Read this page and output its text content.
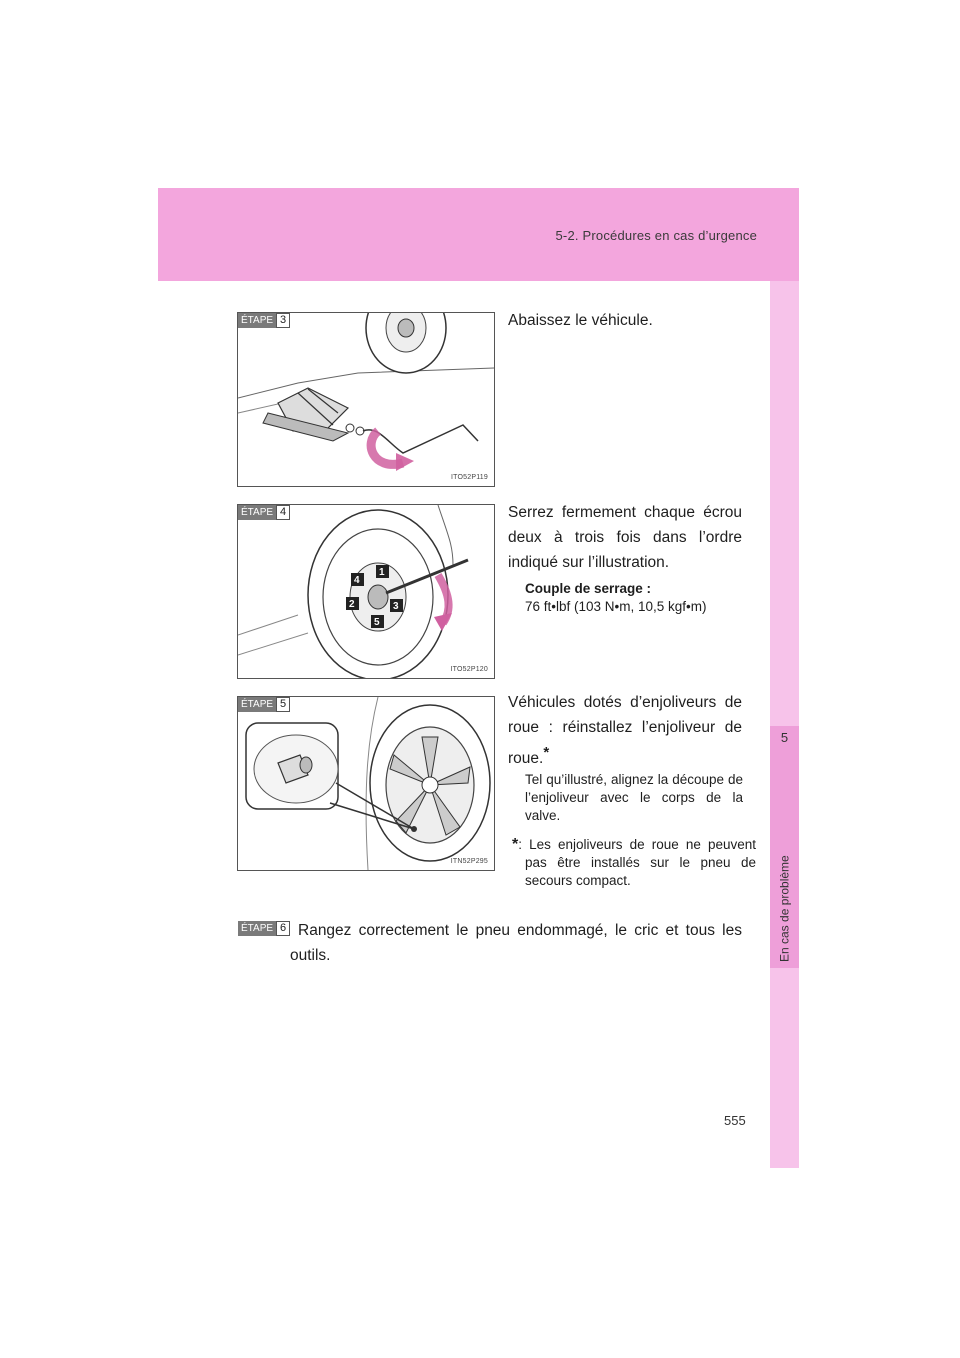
5-2. Procédures en cas d’urgence
5
En cas de problème
ÉTAPE 3
ITO52P119
Abaissez le véhicule.
1
2	3
4
5
ÉTAPE 4
ITO52P120
Serrez fermement chaque écrou deux à trois fois dans l’ordre indiqué sur l’illustration.
Couple de serrage :
76 ft•lbf (103 N•m, 10,5 kgf•m)
ÉTAPE 5
ITN52P295
Véhicules dotés d’enjoliveurs de roue : réinstallez l’enjoliveur de roue.*
Tel qu’illustré, alignez la découpe de l’enjoliveur avec le corps de la valve.
*: Les enjoliveurs de roue ne peuvent pas être installés sur le pneu de secours compact.
ÉTAPE 6 Rangez correctement le pneu endommagé, le cric et tous les outils.
555
